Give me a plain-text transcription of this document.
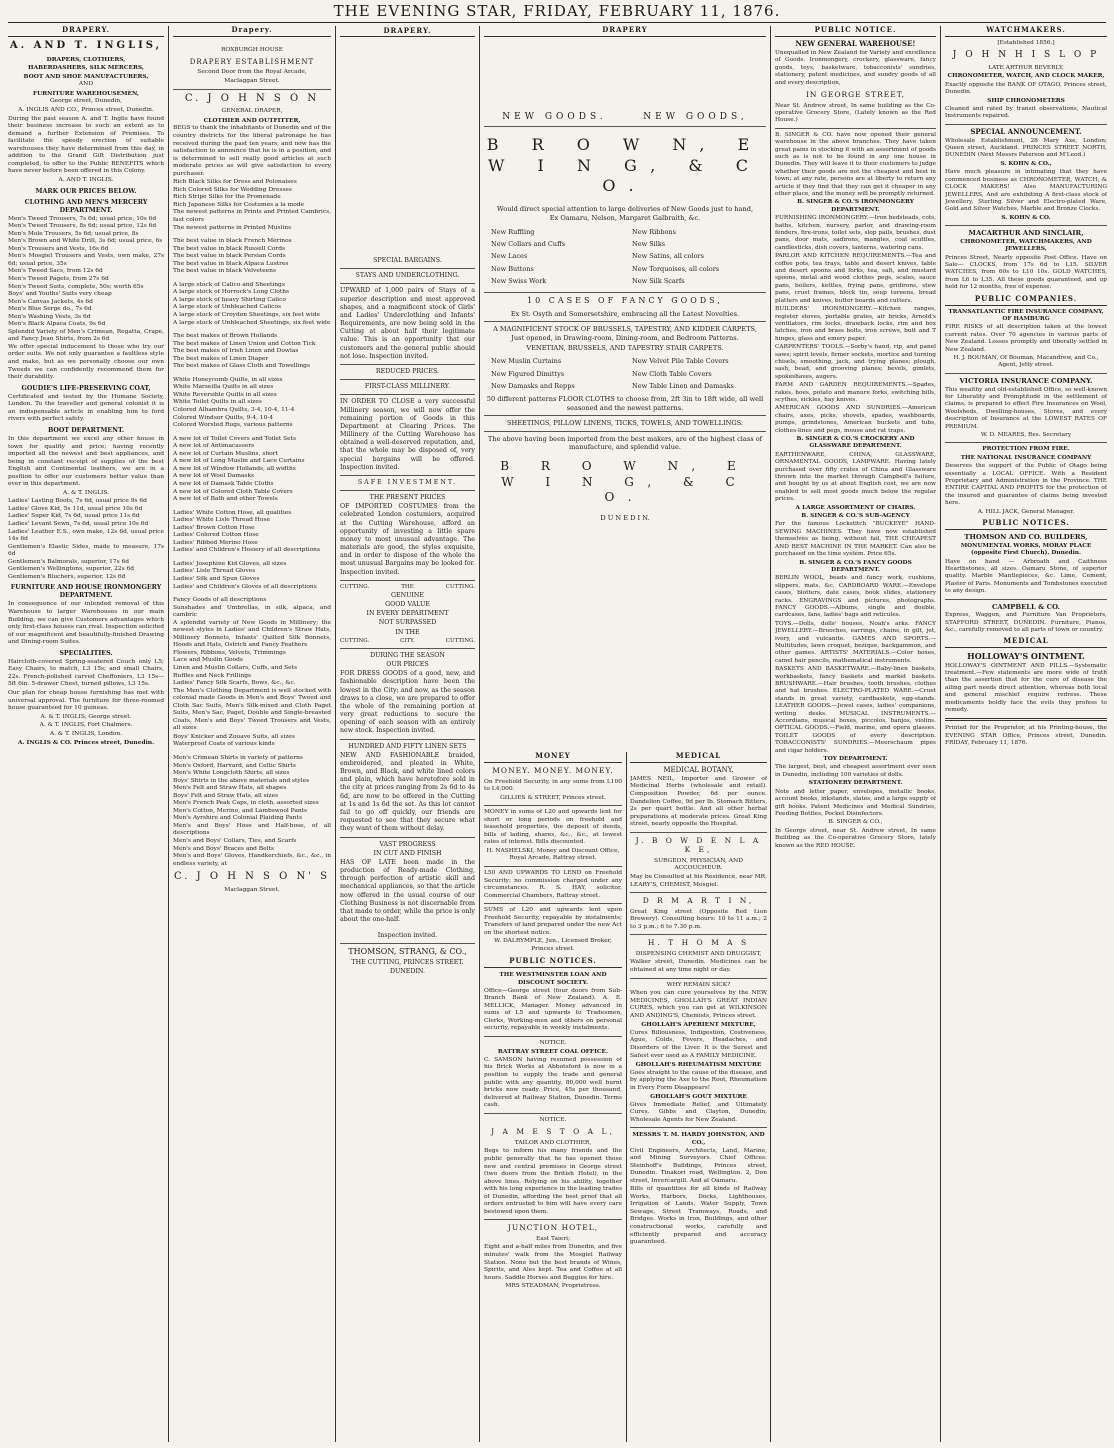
THE EVENING STAR, FRIDAY, FEBRUARY 11, 1876.
DRAPERY.
A. AND T. INGLIS,
DRAPERS, CLOTHIERS,
HABERDASHERS, SILK MERCERS,
BOOT AND SHOE MANUFACTURERS,
AND
FURNITURE WAREHOUSEMEN,
George street, Dunedin,
A. INGLIS AND CO., Princes street, Dunedin.

During the past season A. and T. Inglis have found their business increase to such an extent as to demand a further Extension of Premises. To facilitate the speedy erection of suitable warehouses they have determined from this day, in addition to the Grand Gift Distribution just completed, to offer to the Public BENEFITS which have never before been offered in this Colony.

A. AND T. INGLIS.
MARK OUR PRICES BELOW.
CLOTHING AND MEN'S MERCERY DEPARTMENT.

Men's Tweed Trousers, 7s 6d; usual price, 10s 6d

Men's Tweed Trousers, 8s 6d; usual price, 12s 6d

Men's Mole Trousers, 5s 6d; usual price, 8s

Men's Brown and White Drill, 3s 6d; usual price, 6s

Men's Trousers and Vests, 16s 6d

Men's Mosgiel Trousers and Vests, own make, 27s 6d; usual price, 35s

Men's Tweed Sacs, from 12s 6d

Men's Tweed Pagets, from 27s 6d

Men's Tweed Suits, complete, 50s; worth 65s

Boys' and Youths' Suits very cheap

Men's Canvas Jackets, 4s 6d

Men's Blue Serge do., 7s 6d

Men's Washing Vests, 3s 6d

Men's Black Alpaca Coats, 9s 6d

Splendid Variety of Men's Crimean, Regatta, Crape, and Fancy Jean Shirts, from 2s 6d

We offer special inducement to those who try our order suits. We not only guarantee a faultless style and make, but as we personally choose our own Tweeds we can confidently recommend them for their durability.

GOUDIE'S LIFE-PRESERVING COAT,

Certificated and tested by the Humane Society, London. To the traveller and general colonist it is an indispensable article in enabling him to ford rivers with perfect safety.

BOOT DEPARTMENT.

In this department we excel any other house in town for quality and price; having recently imported all the newest and best appliances, and being in constant receipt of supplies of the best English and Continental leathers, we are in a position to offer our customers better value than ever in this department.

A. & T. INGLIS.

Ladies' Lasting Boots, 7s 6d, usual price 9s 6d

Ladies' Glove Kid, 5s 11d, usual price 10s 6d

Ladies' Super Kid, 7s 6d, usual price 11s 6d

Ladies' Levant Sewn, 7s 6d, usual price 10s 6d

Ladies' Leather E.S., own make, 12s 6d, usual price 14s 6d

Gentlemen's Elastic Sides, made to measure, 17s 6d

Gentlemen's Balmorals, superior, 17s 6d

Gentlemen's Wellingtons, superior, 22s 6d

Gentlemen's Bluchers, superior, 12s 6d

FURNITURE AND HOUSE IRONMONGERY DEPARTMENT.

In consequence of our intended removal of this Warehouse to larger Warehouses in our main Building, we can give Customers advantages which only first-class houses can rival. Inspection solicited of our magnificent and beautifully-finished Drawing and Dining-room Suites.

SPECIALITIES.

Haircloth-covered Spring-seatered Couch only L5; Easy Chairs, to match, L3 15s; and small Chairs, 22s. French-polished carved Cheffoniers, L3 15s—5ft 6in. 5-drawer Chest, turned pillows, L3 15s.

Our plan for cheap house furnishing has met with universal approval. The furniture for three-roomed house guaranteed for 10 guineas.

A. & T. INGLIS, George street.
A. & T. INGLIS, Fort Chalmers.
A. & T. INGLIS, London.
A. INGLIS & CO. Princes street, Dunedin.
Drapery.
ROXBURGH HOUSE
DRAPERY ESTABLISHMENT
Second Door from the Royal Arcade,
Maclaggan Street.
C. J O H N S O N
GENERAL DRAPER,
CLOTHIER AND OUTFITTER,

BEGS to thank the inhabitants of Dunedin and of the country districts for the liberal patronage he has received during the past ten years, and now has the satisfaction to announce that he is in a position, and is determined to sell really good articles at such moderate prices as will give satisfaction to every purchaser.

Rich Black Silks for Dress and Polonaises

Rich Colored Silks for Wedding Dresses

Rich Stripe Silks for the Promenade

Rich Japanese Silks for Costumes a la mode

The newest patterns in Prints and Printed Cambrics, fast colors

The newest patterns in Printed Muslins

The best value in black French Merinos

The best value in black Russell Cords

The best value in black Persian Cords

The best value in black Alpaca Lustres

The best value in black Velveteens

A large stock of Calico and Sheetings

A large stock of Horrock's Long Cloths

A large stock of heavy Shirting Calico

A large stock of Unbleached Calicos

A large stock of Croydon Sheetings, six feet wide

A large stock of Unbleached Sheetings, six feet wide

The best makes of Brown Hollands

The best makes of Linen Union and Cotton Tick

The best makes of Irish Linen and Dowlas

The best makes of Linen Diaper

The best makes of Glass Cloth and Towellings

White Honeycomb Quilts, in all sizes

White Marseilla Quilts in all sizes

White Reversible Quilts in all sizes

White Toilet Quilts in all sizes

Colored Alhambra Quilts, 3-4, 10-4, 11-4

Colored Windsor Quilts, 9-4, 10-4

Colored Worsted Rugs, various patterns

A new lot of Toilet Covers and Toilet Sets

A new lot of Antimacassers

A new lot of Curtain Muslins, short

A new lot of Long Muslin and Lace Curtains

A new lot of Window Hollands, all widths

A new lot of Wool Damasks

A new lot of Damask Table Cloths

A new lot of Colored Cloth Table Covers

A new lot of Bath and other Towels

Ladies' White Cotton Hose, all qualities

Ladies' White Lisle Thread Hose

Ladies' Brown Cotton Hose

Ladies' Colored Cotton Hose

Ladies' Ribbed Merino Hose

Ladies' and Children's Hosiery of all descriptions

Ladies' Josephine Kid Gloves, all sizes

Ladies' Lisle Thread Gloves

Ladies' Silk and Spun Gloves

Ladies' and Children's Gloves of all descriptions

Fancy Goods of all descriptions

Sunshades and Umbrellas, in silk, alpaca, and cambric

A splendid variety of New Goods in Millinery; the newest styles in Ladies' and Children's Straw Hats, Millinery Bonnets, Infants' Quilted Silk Bonnets, Hoods and Hats, Ostrich and Fancy Feathers

Flowers, Ribbons, Velvets, Trimmings

Lace and Muslin Goods

Linen and Muslin Collars, Cuffs, and Sets

Ruffles and Neck Frillings

Ladies' Fancy Silk Scarfs, Bows, &c., &c.

The Men's Clothing Department is well stocked with colonial made Goods in Men's and Boys' Tweed and Cloth Sac Suits, Men's Silk-mixed and Cloth Paget Suits, Men's Sac, Paget, Double and Single-breasted Coats, Men's and Boys' Tweed Trousers and Vests, all sizes

Boys' Knicker and Zouave Suits, all sizes

Waterproof Coats of various kinds

Men's Crimean Shirts in variety of patterns

Men's Oxford, Harvard, and Celtic Shirts

Men's White Longcloth Shirts, all sizes

Boys' Shirts in the above materials and styles

Men's Felt and Straw Hats, all shapes

Boys' Felt and Straw Hats, all sizes

Men's French Peak Caps, in cloth, assorted sizes

Men's Cotton, Merino, and Lambswool Pants

Men's Ayrshire and Colonial Plaiding Pants

Men's and Boys' Hose and Half-hose, of all descriptions

Men's and Boys' Collars, Ties, and Scarfs

Men's and Boys' Braces and Belts

Men's and Boys' Gloves, Handkerchiefs, &c., &c., in endless variety, at

C. J O H N S O N' S
Maclaggan Street.
DRAPERY.
SPECIAL BARGAINS.
STAYS AND UNDERCLOTHING.

UPWARD of 1,000 pairs of Stays of a superior description and most approved shapes, and a magnificent stock of Girls' and Ladies' Underclothing and Infants' Requirements, are now being sold in the Cutting at about half their legitimate value. This is an opportunity that our customers and the general public should not lose. Inspection invited.

REDUCED PRICES.
FIRST-CLASS MILLINERY.

IN ORDER TO CLOSE a very successful Millinery season, we will now offer the remaining portion of Goods in this Department at Clearing Prices. The Millinery of the Cutting Warehouse has obtained a well-deserved reputation, and, that the whole may be disposed of, very special bargains will be offered. Inspection invited.

SAFE INVESTMENT.
THE PRESENT PRICES

OF IMPORTED COSTUMES from the celebrated London costumiers, acquired at the Cutting Warehouse, afford an opportunity of investing a little spare money to most unusual advantage. The materials are good, the styles exquisite, and in order to dispose of the whole the most unusual Bargains may be looked for. Inspection invited.

CUTTING.	THE	CUTTING.
GENUINE
GOOD VALUE
IN EVERY DEPARTMENT
NOT SURPASSED
IN THE
CUTTING.	CITY.	CUTTING.
DURING THE SEASON
OUR PRICES

FOR DRESS GOODS of a good, new, and fashionable description have been the lowest in the City; and now, as the season draws to a close, we are prepared to offer the whole of the remaining portion at very great reductions to secure the opening of each season with an entirely new stock. Inspection invited.

HUNDRED AND FIFTY LINEN SETS

NEW AND FASHIONABLE braided, embroidered, and pleated in White, Brown, and Black, and white lined colors and plain, which have heretofore sold in the city at prices ranging from 2s 6d to 4s 6d, are now to be offered in the Cutting at 1s and 1s 6d the set. As this lot cannot fail to go off quickly, our friends are requested to see that they secure what they want of them without delay.

VAST PROGRESS
IN CUT AND FINISH

HAS OF LATE been made in the production of Ready-made Clothing, through perfection of artistic skill and mechanical appliances, so that the article now offered in the usual course of our Clothing Business is not discernable from that made to order, while the price is only about the one-half.

Inspection invited.
THOMSON, STRANG, & CO.,
THE CUTTING, PRINCES STREET.
DUNEDIN.
DRAPERY
NEW GOODS.	NEW GOODS,
B R O W N, E W I N G, & C O.
Would direct special attention to large deliveries of New Goods just to hand,
Ex Oamaru, Nelson, Margaret Galbraith, &c.

New Ruffling

New Collars and Cuffs

New Laces

New Buttons

New Swiss Work

New Ribbons

New Silks

New Satins, all colors

New Torquoises, all colors

New Silk Scarfs

10 CASES OF FANCY GOODS,
Ex St. Osyth and Somersetshire, embracing all the Latest Novelties.
A MAGNIFICENT STOCK OF BRUSSELS, TAPESTRY, AND KIDDER CARPETS,
Just opened, in Drawing-room, Dining-room, and Bedroom Patterns.
VENETIAN, BRUSSELS, AND TAPESTRY STAIR CARPETS.

New Muslin Curtains

New Figured Dimittys

New Damasks and Repps

New Velvet Pile Table Covers

New Cloth Table Covers

New Table Linen and Damasks

50 different patterns FLOOR CLOTHS to choose from, 2ft 3in to 18ft wide, all well seasoned and the newest patterns.
SHEETINGS, PILLOW LINENS, TICKS, TOWELS, AND TOWELLINGS.
The above having been imported from the best makers, are of the highest class of manufacture, and splendid value.
B R O W N, E W I N G, & C O.
D U N E D I N.
MONEY
MONEY. MONEY. MONEY.

On Freehold Security, in any sums from L100 to L4,000.

GILLIES & STREET, Princes street.

MONEY in sums of L20 and upwards lent for short or long periods on freehold and leasehold properties, the deposit of deeds, bills of lading, shares, &c., &c., at lowest rates of interest. Bills discounted.

H. NASHELSKI, Money and Discount Office, Royal Arcade, Rattray street.

L50 AND UPWARDS TO LEND on Freehold Security; no commission charged under any circumstances. R. S. HAY, solicitor, Commercial Chambers, Rattray street.

SUMS of L20 and upwards lent upon Freehold Security, repayable by instalments; Transfers of land prepared under the new Act on the shortest notice.

W. DALRYMPLE, Jun., Licensed Broker, Princes street.
PUBLIC NOTICES.
THE WESTMINSTER LOAN AND DISCOUNT SOCIETY.

Office—George street (four doors from Sub-Branch Bank of New Zealand). A. E. MELLICK, Manager. Money advanced in sums of L5 and upwards to Tradesmen, Clerks, Working-men and others on personal security, repayable in weekly instalments.

NOTICE.
RATTRAY STREET COAL OFFICE.

C. SAMSON having resumed possession of his Brick Works at Abbotsford is now in a position to supply the trade and general public with any quantity. 80,000 well burnt bricks now ready. Price, 45s per thousand, delivered at Railway Station, Dunedin. Terms cash.

NOTICE.
J A M E S T O A L,
TAILOR AND CLOTHIER,

Begs to inform his many friends and the public generally that he has opened those new and central premises in George street (two doors from the British Hotel), in the above lines. Relying on his ability, together with his long experience in the leading trades of Dunedin, affording the best proof that all orders entrusted to him will have every care bestowed upon them.

JUNCTION HOTEL,
East Taieri;

Eight and a-half miles from Dunedin, and five minutes' walk from the Mosgiel Railway Station. None but the best brands of Wines, Spirits, and Ales kept. Tea and Coffee at all hours. Saddle Horses and Buggies for hire.

MRS STEADMAN, Proprietress.
MEDICAL
MEDICAL BOTANY.

JAMES NEIL, Importer and Grower of Medicinal Herbs (wholesale and retail). Composition Powder, 6d per ounce. Dandelion Coffee, 9d per lb. Stomach Bitters, 2s per quart bottle. And all other herbal preparations at moderate prices. Great King street, nearly opposite the Hospital.

J. B O W D E N L A K E,
SURGEON, PHYSICIAN, AND ACCOUCHEUR.

May be Consulted at his Residence, near MR. LEARY'S, CHEMIST, Mosgiel.

D R M A R T I N,

Great King street (Opposite Red Lion Brewery). Consulting hours: 10 to 11 a.m.; 2 to 3 p.m.; 6 to 7.30 p.m.

H. T H O M A S
DISPENSING CHEMIST AND DRUGGIST,

Walker street, Dunedin. Medicines can be obtained at any time night or day.

WHY REMAIN SICK?

When you can cure yourselves by the NEW MEDICINES, GHOLLAH'S GREAT INDIAN CURES, which you can get at WILKINSON AND ANDING'S, Chemists, Princes street.

GHOLLAH'S APERIENT MIXTURE,

Cures Biliousness, Indigestion, Costiveness, Ague, Colds, Fevers, Headaches, and Disorders of the Liver. It is the Surest and Safest ever used as A FAMILY MEDICINE.

GHOLLAH'S RHEUMATISM MIXTURE

Goes straight to the cause of the disease, and by applying the Axe to the Root, Rheumatism in Every Form Disappears!

GHOLLAH'S GOUT MIXTURE

Gives Immediate Relief, and Ultimately Cures. Gibbs and Clayton, Dunedin, Wholesale Agents for New Zealand.

MESSRS T. M. HARDY JOHNSTON, AND CO.,

Civil Engineers, Architects, Land, Marine, and Mining Surveyors. Chief Offices: Steinhoff's Buildings, Princes street, Dunedin. Tinakori road, Wellington. 2, Don street, Invercargill. And at Oamaru.

Bills of quantities for all kinds of Railway Works, Harbors, Docks, Lighthouses, Irrigation of Lands, Water Supply, Town Sewage, Street Tramways, Roads, and Bridges. Works in Iron, Buildings, and other constructional works, carefully and efficiently prepared and accuracy guaranteed.

PUBLIC NOTICE.
NEW GENERAL WAREHOUSE!

Unequalled in New Zealand for Variety and excellence of Goods. Ironmongery, crockery, glassware, fancy goods, toys, basketware, tobacconists' sundries, stationery, patent medicines, and sundry goods of all and every description,

IN GEORGE STREET,

Near St. Andrew street, In same building as the Co-operative Grocery Store, (Lately known as the Red House.)

B. SINGER & CO. have now opened their general warehouse in the above branches. They have taken great pains in stocking it with an assortment of goods such as is not to be found in any one house in Dunedin. They will leave it to their customers to judge whether their goods are not the cheapest and best in town; at any rate, persons are at liberty to return any article if they find that they can get it cheaper in any other place, and the money will be promptly returned.

B. SINGER & CO.'S IRONMONGERY DEPARTMENT.

FURNISHING IRONMONGERY.—Iron bedsteads, cots, baths, kitchen, nursery, parlor, and drawing-room fenders, fire-irons, toilet sets, slop pails, brushes, dust pans, door mats, sadirons, mangles, coal scuttles, candlesticks, dish covers, lanterns, watering cans.

PARLOR AND KITCHEN REQUIREMENTS.—Tea and coffee pots, tea trays, table and desert knives, table and desert spoons and forks, tea, salt, and mustard spoons, metal and wood clothes pegs, scales, sauce pans, boilers, kettles, frying pans, gridirons, stew pans, crust frames, block tin, soup tureens, bread platters and knives, butter boards and cutters.

BUILDERS' IRONMONGERY.—Kitchen ranges, register stoves, portable grates, air bricks, Arnold's ventilators, rim locks, drawback locks, rim and box latches, iron and brass bolts, iron screws, butt and T hinges, glass and emery paper.

CARPENTERS' TOOLS.—Sorby's hand, rip, and panel saws; spirit levels, firmer sockets, mortice and turning chisels, smoothing, jack, and trying planes; plough, sash, bead, and grooving planes; bevels, gimlets, spokeshaves, augers.

FARM AND GARDEN REQUIREMENTS.—Spades, rakes, hoes, potato and manure forks, switching bills, scythes, sickles, hay knives.

AMERICAN GOODS AND SUNDRIES.—American chairs, axes, picks, shovels, spades, washboards, pumps, grindstones, American buckets and tubs, clothes-lines and pegs, mouse and rat traps.

B. SINGER & CO.'S CROCKERY AND GLASSWARE DEPARTMENT.

EARTHENWARE, CHINA, GLASSWARE, ORNAMENTAL GOODS, LAMPWARE. Having lately purchased over fifty crates of China and Glassware thrown into the market through Campbell's failure, and bought by us at about English cost, we are now enabled to sell most goods much below the regular prices.

A LARGE ASSORTMENT OF CHAIRS.
B. SINGER & CO.'S SUB-AGENCY

For the famous Lockstitch "BUCKEYE" HAND-SEWING MACHINES. They have now established themselves as being, without fail, THE CHEAPEST AND BEST MACHINE IN THE MARKET. Can also be purchased on the time system. Price 65s.

B. SINGER & CO.'S FANCY GOODS DEPARTMENT.

BERLIN WOOL, beads and fancy work, cushions, slippers, mats, &c. CARDBOARD WARE.—Envelope cases, blotters, date cases, book slides, stationery racks. ENGRAVINGS and pictures, photographs. FANCY GOODS.—Albums, single and double, cardcases, fans, ladies' bags and reticules.

TOYS.—Dolls, dolls' houses, Noah's arks. FANCY JEWELLERY.—Brooches, earrings, chains, in gilt, jet, ivory, and vulcanite. GAMES AND SPORTS.—Multitudes, lawn croquet, bezique, backgammon, and other games. ARTISTS' MATERIALS.—Color boxes, camel hair pencils, mathematical instruments.

BASKETS AND BASKETWARE.—Baby-linen baskets, workbaskets, fancy baskets and market baskets. BRUSHWARE.—Hair brushes, tooth brushes, clothes and hat brushes. ELECTRO-PLATED WARE.—Cruet stands in great variety, cardbaskets, egg-stands. LEATHER GOODS.—Jewel cases, ladies' companions, writing desks. MUSICAL INSTRUMENTS.—Accordians, musical boxes, piccolos, banjos, violins. OPTICAL GOODS.—Field, marine, and opera glasses. TOILET GOODS of every description. TOBACCONISTS' SUNDRIES.—Meerschaum pipes and cigar holders.

TOY DEPARTMENT.

The largest, best, and cheapest assortment ever seen in Dunedin, including 100 varieties of dolls.

STATIONERY DEPARTMENT.

Note and letter paper, envelopes, metallic books, account books, inkstands, slates, and a large supply of gift books. Patent Medicines and Medical Sundries, Feeding Bottles, Pocket Disinfectors.

B. SINGER & CO.,

In George street, near St. Andrew street, In same Building as the Co-operative Grocery Store, lately known as the RED HOUSE.

WATCHMAKERS.
[Established 1856.]
J O H N H I S L O P
LATE ARTHUR BEVERLY,
CHRONOMETER, WATCH, AND CLOCK MAKER,

Exactly opposite the BANK OF OTAGO, Princes street, Dunedin.

SHIP CHRONOMETERS

Cleaned and rated by transit observations, Nautical Instruments repaired.

SPECIAL ANNOUNCEMENT.

Wholesale Establishment, 28 Mary Axe, London; Queen street, Auckland. PRINCES STREET NORTH, DUNEDIN (Next Messrs Paterson and M'Leod.)

S. KOHN & CO.,

Have much pleasure in intimating that they have commenced business as CHRONOMETER, WATCH, & CLOCK MAKERS! Also MANUFACTURING JEWELLERS, And are exhibiting A first-class stock of Jewellery, Sterling Silver and Electro-plated Ware, Gold and Silver Watches, Marble and Bronze Clocks.

S. KOHN & CO.
MACARTHUR AND SINCLAIR,
CHRONOMETER, WATCHMAKERS, AND JEWELLERS,

Princes Street, Nearly opposite Post Office. Have on Sale— CLOCKS, from 17s 6d to L15. SILVER WATCHES, from 60s to L10 10s. GOLD WATCHES, from L6 to L35. All these goods guaranteed, and up held for 12 months, free of expense.

PUBLIC COMPANIES.
TRANSATLANTIC FIRE INSURANCE COMPANY, OF HAMBURG

FIRE RISKS of all description taken at the lowest current rates. Over 70 agencies in various parts of New Zealand. Losses promptly and liberally settled in New Zealand.

H. J. BOUMAN, Of Bouman, Macandrew, and Co., Agent, Jetty street.
VICTORIA INSURANCE COMPANY.

This wealthy and old-established Office, so well-known for Liberality and Promptitude in the settlement of claims, is prepared to effect Fire Insurances on Wool, Woolsheds, Dwelling-houses, Stores, and every description of Insurance at the LOWEST RATES OF PREMIUM.

W. D. MEARES, Res. Secretary
PROTECTION FROM FIRE.
THE NATIONAL INSURANCE COMPANY

Deserves the support of the Public of Otago being essentially a LOCAL OFFICE. With a Resident Proprietary and Administration in the Province. THE ENTIRE CAPITAL AND PROFITS for the protection of the insured and guarantee of claims being invested here.

A. HILL JACK, General Manager.
PUBLIC NOTICES.
THOMSON AND CO. BUILDERS,
MONUMENTAL WORKS, MORAY PLACE (opposite First Church), Dunedin.

Have on hand — Arbroath and Caithness Hearthstones, all sizes. Oamaru Stone, of superior quality. Marble Mantlepieces, &c. Lime, Cement, Plaster of Paris. Monuments and Tombstones executed to any design.

CAMPBELL & CO.

Express, Waggon, and Furniture Van Proprietors, STAFFORD STREET, DUNEDIN. Furniture, Pianos, &c., carefully removed to all parts of town or country.

MEDICAL
HOLLOWAY'S OINTMENT.

HOLLOWAY'S OINTMENT AND PILLS.—Systematic treatment.—Few statements are more wide of truth than the assertion that for the cure of disease the ailing part needs direct attention, whereas both local and general mischief require redress. These medicaments boldly face the evils they profess to remedy.

Printed for the Proprietor, at his Printing-house, the EVENING STAR Office, Princes street, Dunedin. FRIDAY, February 11, 1876.
